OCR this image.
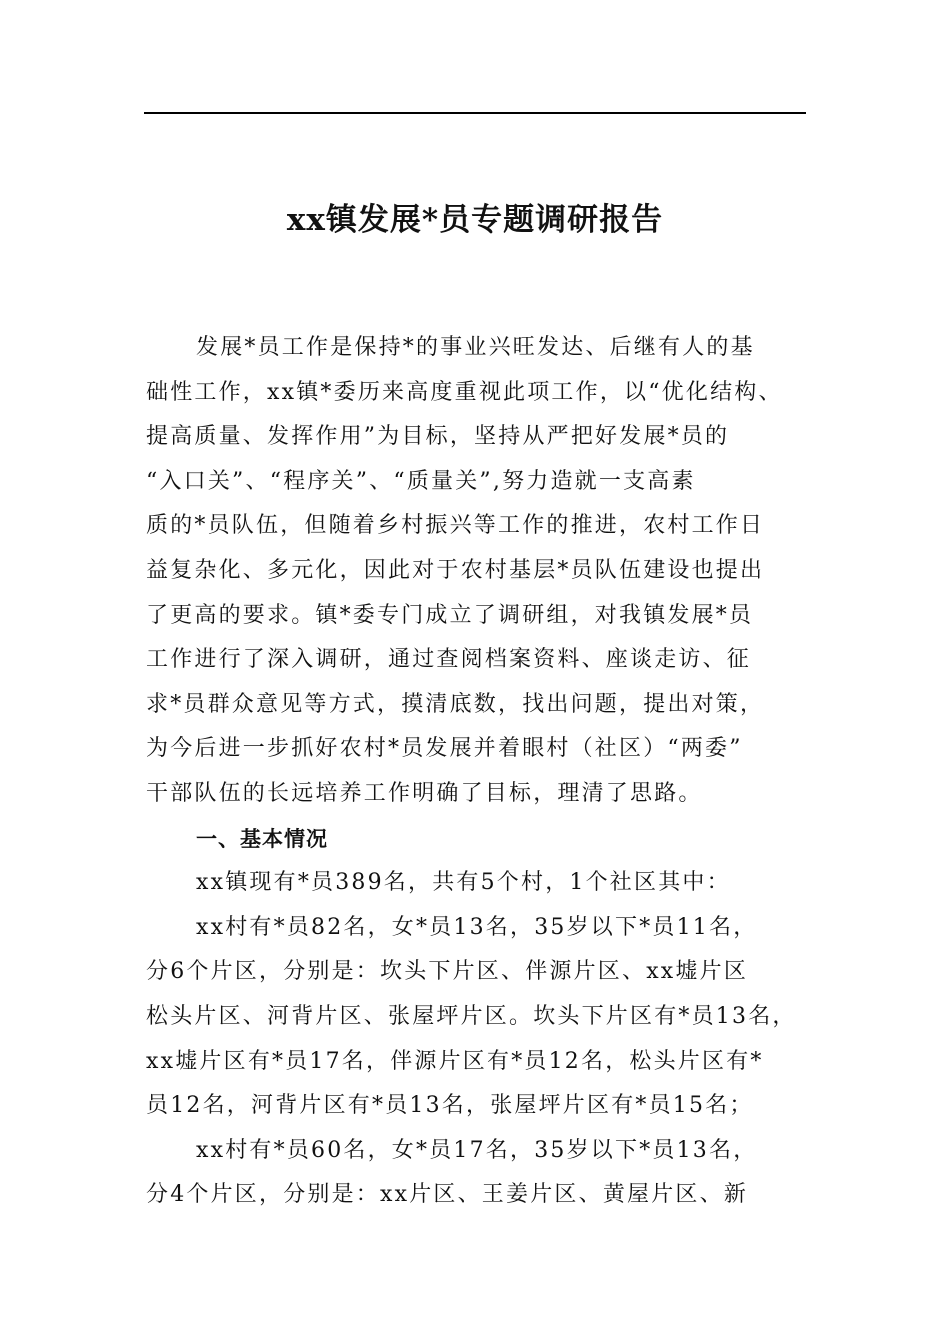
xx镇发展*员专题调研报告
发展*员工作是保持*的事业兴旺发达、后继有人的基
础性工作，xx镇*委历来高度重视此项工作，以“优化结构、
提高质量、发挥作用”为目标，坚持从严把好发展*员的
“入口关”、“程序关”、“质量关”,努力造就一支高素
质的*员队伍，但随着乡村振兴等工作的推进，农村工作日
益复杂化、多元化，因此对于农村基层*员队伍建设也提出
了更高的要求。镇*委专门成立了调研组，对我镇发展*员
工作进行了深入调研，通过查阅档案资料、座谈走访、征
求*员群众意见等方式，摸清底数，找出问题，提出对策，
为今后进一步抓好农村*员发展并着眼村（社区）“两委”
干部队伍的长远培养工作明确了目标，理清了思路。
一、基本情况
xx镇现有*员389名，共有5个村，1个社区其中：
xx村有*员82名，女*员13名，35岁以下*员11名，
分6个片区，分别是：坎头下片区、伴源片区、xx墟片区
松头片区、河背片区、张屋坪片区。坎头下片区有*员13名，
xx墟片区有*员17名，伴源片区有*员12名，松头片区有*
员12名，河背片区有*员13名，张屋坪片区有*员15名；
xx村有*员60名，女*员17名，35岁以下*员13名，
分4个片区，分别是：xx片区、王姜片区、黄屋片区、新
